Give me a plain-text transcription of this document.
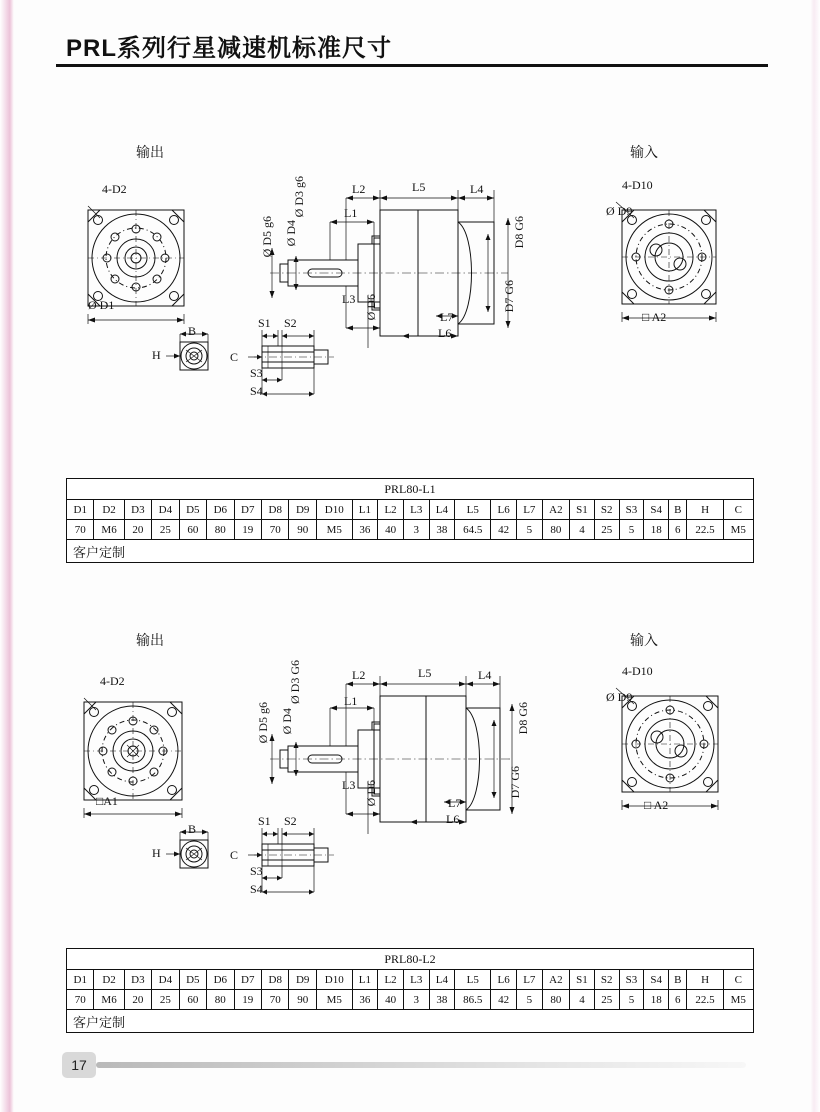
PRL系列行星减速机标准尺寸
输出	输入
4-D2
Ø D1
L2	L5	L4
L1
L3
L7
L6
Ø D3 g6
Ø D5 g6 Ø D4
Ø D6	D7 G6
D8 G6
4-D10
Ø D9
□ A2
B
H
S1 S2
S3
S4
C
PRL80-L1																								
D1	D2	D3	D4	D5	D6	D7	D8	D9	D10	L1	L2	L3	L4	L5	L6	L7	A2	S1	S2	S3	S4	B	H	C
70	M6	20	25	60	80	19	70	90	M5	36	40	3	38	64.5	42	5	80	4	25	5	18	6	22.5	M5
客户定制																								
输出	输入
4-D2
□A1
L2	L5	L4
L1
L3
L7
L6
Ø D3 G6
Ø D5 g6 Ø D4
Ø D6	D7 G6
D8 G6
4-D10
Ø D9
□ A2
B
H
S1 S2
S3
S4
C
PRL80-L2																								
D1	D2	D3	D4	D5	D6	D7	D8	D9	D10	L1	L2	L3	L4	L5	L6	L7	A2	S1	S2	S3	S4	B	H	C
70	M6	20	25	60	80	19	70	90	M5	36	40	3	38	86.5	42	5	80	4	25	5	18	6	22.5	M5
客户定制																								
17
